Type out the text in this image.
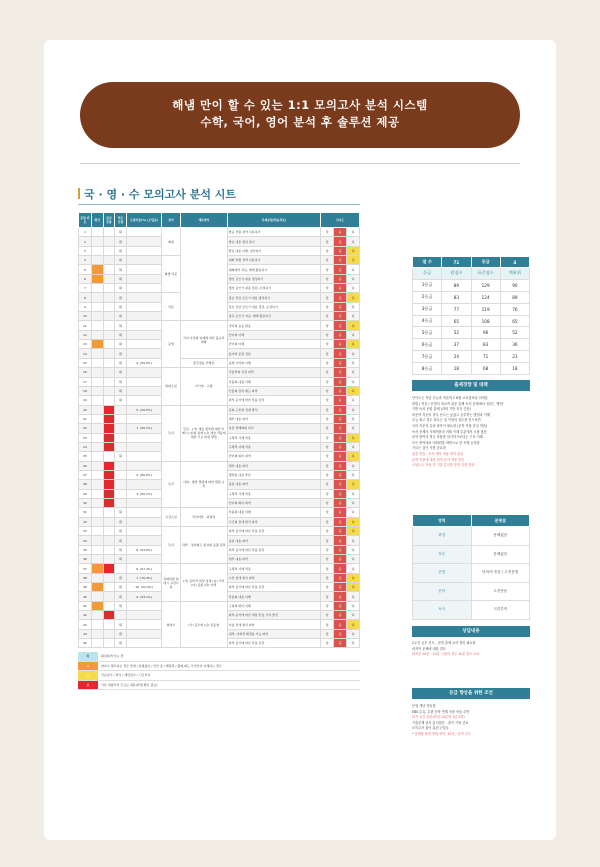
해냄 만이 할 수 있는 1:1 모의고사 분석 시스템
수학, 국어, 영어 분석 후 솔루션 제공
국 · 영 · 수 모의고사 분석 시트
문항 번호	확인	틀린 문항	찍은 문항	오답비율(%) (오답률)	영역	세부영역	문제유형(학습목표)	난이도		
1			확		화법		발표 상황 전략 사용하기	상	중	하
2			확				발표 내용 생성 하기	상	중	하
3			확				발표 내용 이해, 평가하기	상	중	하
4			확		화법 작문		대화 상황 전략 사용하기	상	중	하
5			확				대화에서 자료, 매체 활용하기	상	중	하
6			확				생성 글쓰기 내용 생성하기	상	중	하
7			확				생성 글쓰기 내용 점검, 조정하기	상	중	하
8			확		작문		정보 전달 글쓰기 내용 생성하기	상	중	하
9			확				정보 전달 글쓰기 내용 점검, 조정하기	상	중	하
10			확				설득 글쓰기 자료, 매체 활용하기	상	중	하
11			확		문법	국어 사전의 일례에 따른 불규칙 변화	국어의 음운 변동	상	중	하
12			확				단어의 이해	상	중	하
13			확				단어의 이해	상	중	하
14			확				품사와 문장 성분	상	중	하
15			확	4. (59.6%)		훈민정음 언해본	중세 국어의 이해	상	중	하
16			확		현대소설	이기영 - 고향	서술상의 특징 파악	상	중	하
17			확				작품의 내용 이해	상	중	하
18			확				인물의 심리 태도 파악	상	중	하
19			확				외적 준거에 따른 작품 감상	상	중	하
20				5. (59.5%)	독서	인문 - (가) 예술 창작에 대한 미메시스론의 관계 (나) 예술 작품에 대한 주요 비평 방법	글의 구조와 전개 방식	상	중	하
21							세부 내용 파악	상	중	하
22				7. (56.1%)			다른 견해와의 비교	상	중	하
23							구체적 사례 적용	상	중	하
24							구체적 사례 적용	상	중	하
25			확				단어의 의미 파악	상	중	하
26					독서	사회 - 행정 법령에 대한 법원 규칙	세부 내용 파악	상	중	하
27				2. (60.6%)			생략된 내용 추론	상	중	하
28							중심 내용 파악	상	중	하
29				3. (60.1%)			구체적 사례 적용	상	중	하
30							단어의 의미 파악	상	중	하
31			확		고전소설	작자미상 - 최현전	작품의 내용 이해	상	중	하
32			확				시간의 전개 방식 파악	상	중	하
33			확		독서	과학 - 정지궤도 위성의 송출 원리	외적 준거에 따른 작품 감상	상	중	하
34			확				중심 내용 파악	상	중	하
35			확	6. (53.6%)			외적 준거에 따른 작품 감상	상	중	하
36			확				세부 내용 파악	상	중	하
37				6. (57.4%)	갈래복합 현대시 고전수필	(가) 문학적 대상 설명 (나) 기억 (다) 김종 (라) 이백	구체적 사례 적용	상	중	하
38			확	1. (70.4%)			시상 전개 방식 파악	상	중	하
39			확	10. (52.0%)			외적 준거에 따른 작품 감상	상	중	하
40			확	9. (53.1%)			작품의 내용 이해	상	중	하
41			확		현대시	(가) 김수영 (나) 신동엽	구절의 의미 이해	상	중	하
42							외적 준거에 따른 세상 반응 기억 발견	상	중	하
43			확				서술 전개 방식 파악	상	중	하
44			확				내적, 사회적 배경을 가능 파악	상	중	하
45			확				외적 준거에 따른 작품 감상	상	중	하
확	확실하게 아는 경
o	양다고 체크하는 경우 맞게 / 문제풀이 / 답안 잘 / 헷갈려 / 출제 의도 무엇인지 이해하는 경우
x	단순실수 / 착각 / 계산실수 / 시간부족
오	기본 개념부터 모르는 내용(학생 확인 필요)
점 수	71	등급	4
등급	원점수	표준점수	백분위
1등급	89	129	90
2등급	83	124	89
3등급	77	119	76
4등급	65	108	65
5등급	52	96	52
6등급	37	83	36
7등급	24	71	23
8등급	18	68	18
출제경향 및 대책
난이도는 작년 수능과 비슷하고 6월 교육청보다 어려움
화법 / 작문 / 문법의 비교적 쉬운 출제 독서 문제에서 '원리', '방법'
기반 독서 문항 출제 (과학 기반 지식 중심)
비문학 지문의 경우 난도는 높았고 공부하는 방법과 이해
수능 최고 점수 외우는 것 이상의 점수를 얻으려면
국어 지문의 특성 파악이 필요함 (문학 작품 감상 연습)
독서 문제의 사례적용과 어휘 이해 부분에서 오답 많음
문학 영역의 경우 작품을 암기하기보다는 구조 이해
모든 영역에서 어휘력을 바탕으로 한 독해 능력을
기르는 것이 가장 중요함
집중 연습 : 독서 세부 내용 파악 훈련
문학 작품에 대한 외적 준거 적용 연습
오답노트 작성 및 기출 분석을 통한 실력 향상
영역	문제점
화법	문제없음
작문	문제없음
문법	단어의 종류 / 고전문법
문학	고전산문
독서	시간부족
상담내용
2주간 공부 진도 - 문학 출제 요약 정리 필요함
마지막 문제에 대한 검토
화작문 20문 - 10분 시험의 경우 10분 정도 소요
등급 향상을 위한 조언
문법 개념 학습법
EBS 수특, 수완 문학 연계 작품 학습 수반
화작 시간 훈련(화법 10분씩 1일 2회)
기출문제 선지 분석법은 - 풀이 가장 중요
모의고사 풀이 훈련 (기본)
* 문제를 풀면 방법 파악, 10문 / 문학 진도
